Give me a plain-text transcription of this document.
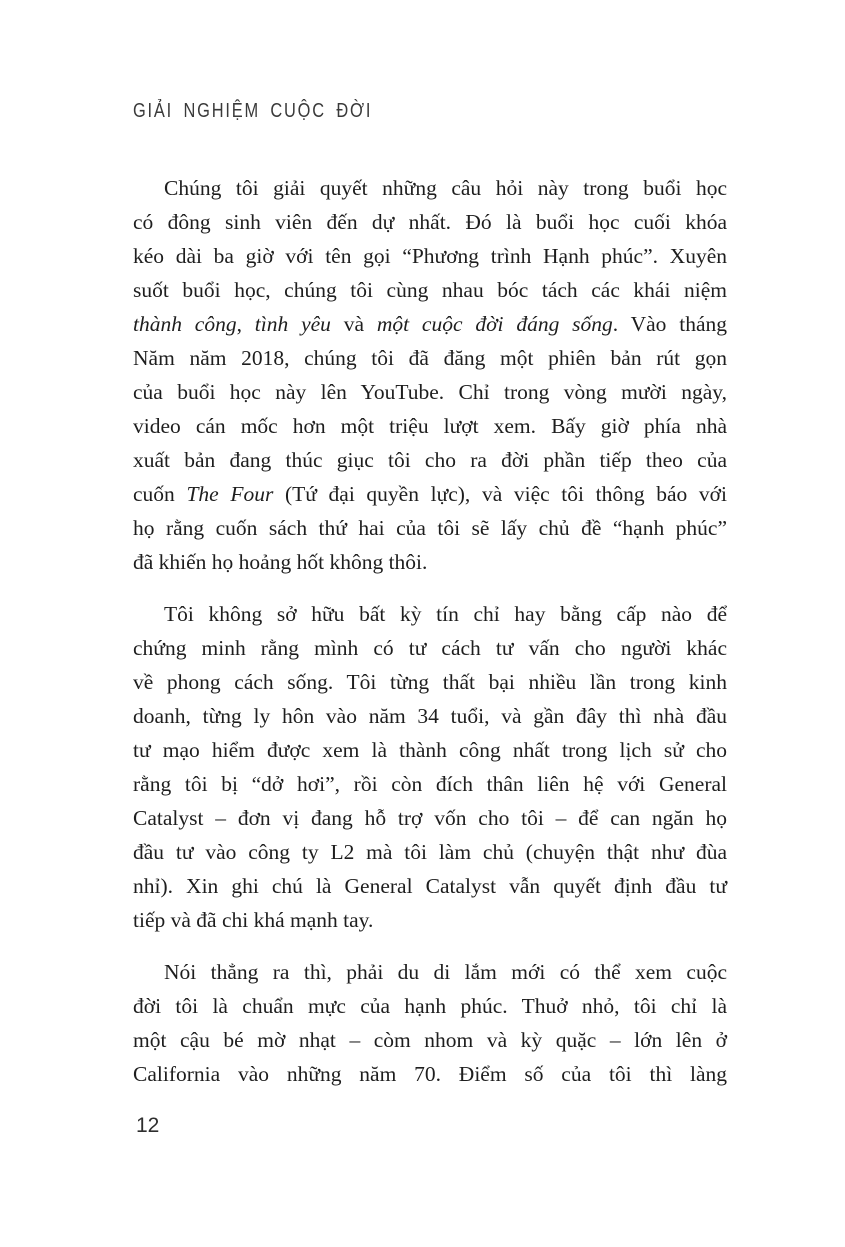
GIẢI NGHIỆM CUỘC ĐỜI
Chúng tôi giải quyết những câu hỏi này trong buổi học
có đông sinh viên đến dự nhất. Đó là buổi học cuối khóa
kéo dài ba giờ với tên gọi “Phương trình Hạnh phúc”. Xuyên
suốt buổi học, chúng tôi cùng nhau bóc tách các khái niệm
thành công, tình yêu và một cuộc đời đáng sống. Vào tháng
Năm năm 2018, chúng tôi đã đăng một phiên bản rút gọn
của buổi học này lên YouTube. Chỉ trong vòng mười ngày,
video cán mốc hơn một triệu lượt xem. Bấy giờ phía nhà
xuất bản đang thúc giục tôi cho ra đời phần tiếp theo của
cuốn The Four (Tứ đại quyền lực), và việc tôi thông báo với
họ rằng cuốn sách thứ hai của tôi sẽ lấy chủ đề “hạnh phúc”
đã khiến họ hoảng hốt không thôi.
Tôi không sở hữu bất kỳ tín chỉ hay bằng cấp nào để
chứng minh rằng mình có tư cách tư vấn cho người khác
về phong cách sống. Tôi từng thất bại nhiều lần trong kinh
doanh, từng ly hôn vào năm 34 tuổi, và gần đây thì nhà đầu
tư mạo hiểm được xem là thành công nhất trong lịch sử cho
rằng tôi bị “dở hơi”, rồi còn đích thân liên hệ với General
Catalyst – đơn vị đang hỗ trợ vốn cho tôi – để can ngăn họ
đầu tư vào công ty L2 mà tôi làm chủ (chuyện thật như đùa
nhỉ). Xin ghi chú là General Catalyst vẫn quyết định đầu tư
tiếp và đã chi khá mạnh tay.
Nói thẳng ra thì, phải du di lắm mới có thể xem cuộc
đời tôi là chuẩn mực của hạnh phúc. Thuở nhỏ, tôi chỉ là
một cậu bé mờ nhạt – còm nhom và kỳ quặc – lớn lên ở
California vào những năm 70. Điểm số của tôi thì làng
12
